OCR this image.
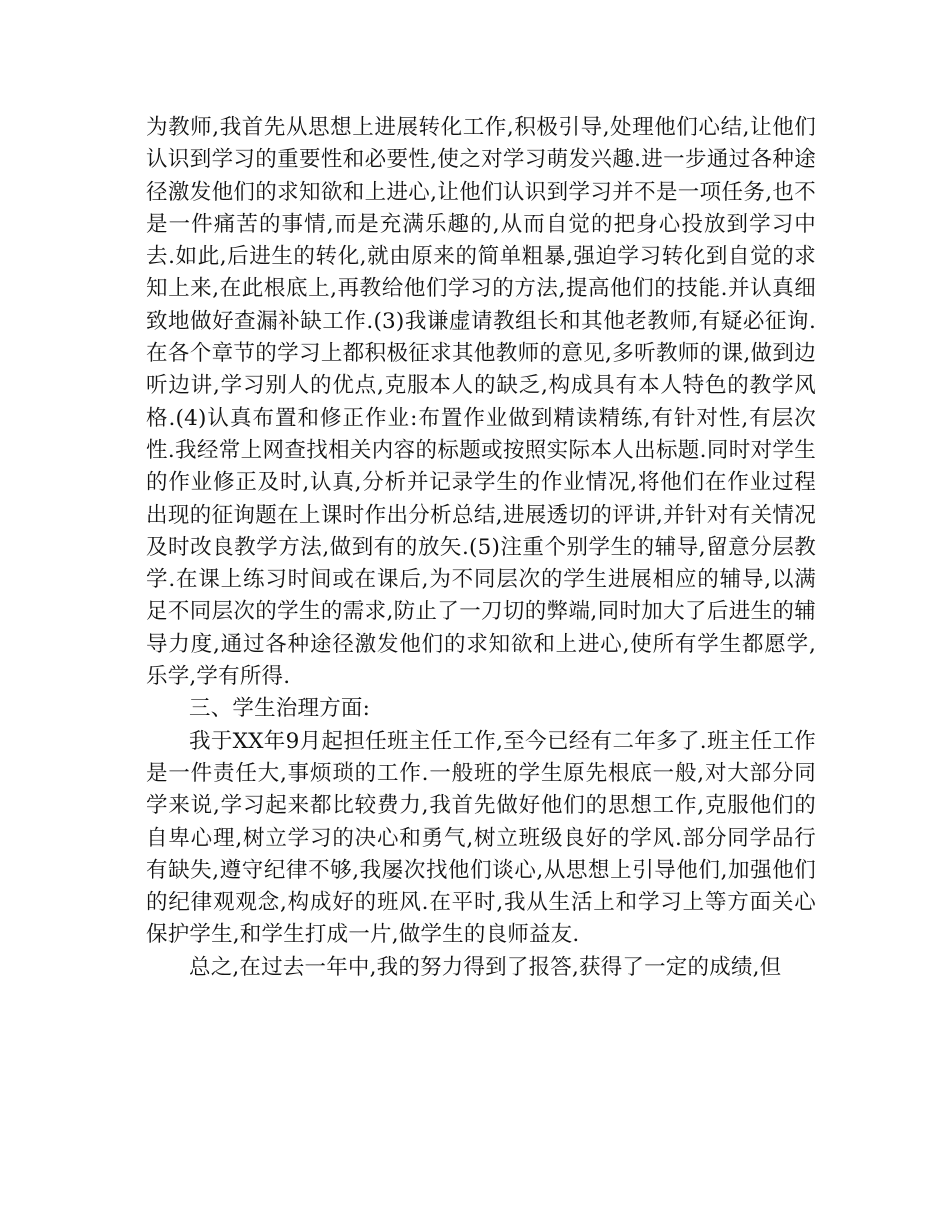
为教师,我首先从思想上进展转化工作,积极引导,处理他们心结,让他们认识到学习的重要性和必要性,使之对学习萌发兴趣.进一步通过各种途径激发他们的求知欲和上进心,让他们认识到学习并不是一项任务,也不是一件痛苦的事情,而是充满乐趣的,从而自觉的把身心投放到学习中去.如此,后进生的转化,就由原来的简单粗暴,强迫学习转化到自觉的求知上来,在此根底上,再教给他们学习的方法,提高他们的技能.并认真细致地做好查漏补缺工作.(3)我谦虚请教组长和其他老教师,有疑必征询.在各个章节的学习上都积极征求其他教师的意见,多听教师的课,做到边听边讲,学习别人的优点,克服本人的缺乏,构成具有本人特色的教学风格.(4)认真布置和修正作业:布置作业做到精读精练,有针对性,有层次性.我经常上网查找相关内容的标题或按照实际本人出标题.同时对学生的作业修正及时,认真,分析并记录学生的作业情况,将他们在作业过程出现的征询题在上课时作出分析总结,进展透切的评讲,并针对有关情况及时改良教学方法,做到有的放矢.(5)注重个别学生的辅导,留意分层教学.在课上练习时间或在课后,为不同层次的学生进展相应的辅导,以满足不同层次的学生的需求,防止了一刀切的弊端,同时加大了后进生的辅导力度,通过各种途径激发他们的求知欲和上进心,使所有学生都愿学,乐学,学有所得.

三、学生治理方面:

我于XX年9月起担任班主任工作,至今已经有二年多了.班主任工作是一件责任大,事烦琐的工作.一般班的学生原先根底一般,对大部分同学来说,学习起来都比较费力,我首先做好他们的思想工作,克服他们的自卑心理,树立学习的决心和勇气,树立班级良好的学风.部分同学品行有缺失,遵守纪律不够,我屡次找他们谈心,从思想上引导他们,加强他们的纪律观观念,构成好的班风.在平时,我从生活上和学习上等方面关心保护学生,和学生打成一片,做学生的良师益友.

总之,在过去一年中,我的努力得到了报答,获得了一定的成绩,但
